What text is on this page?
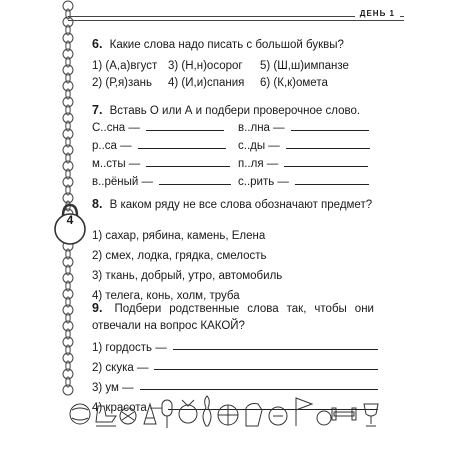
ДЕНЬ 1
4
6. Какие слова надо писать с большой буквы?
1) (А,а)вгуст 3) (Н,н)осорог	5) (Ш,ш)импанзе
2) (Р,я)зань	4) (И,и)спания	6) (К,к)омета
7. Вставь О или А и подбери проверочное слово.
С..сна —	в..лна —
р..са —	с..ды —
м..сты —	п..ля —
в..рёный —	с..рить —
8. В каком ряду не все слова обозначают предмет?
1) сахар, рябина, камень, Елена
2) смех, лодка, грядка, смелость
3) ткань, добрый, утро, автомобиль
4) телега, конь, холм, труба
9. Подбери родственные слова так, чтобы они отвечали на вопрос КАКОЙ?
1) гордость —
2) скука —
3) ум —
4) красота —
